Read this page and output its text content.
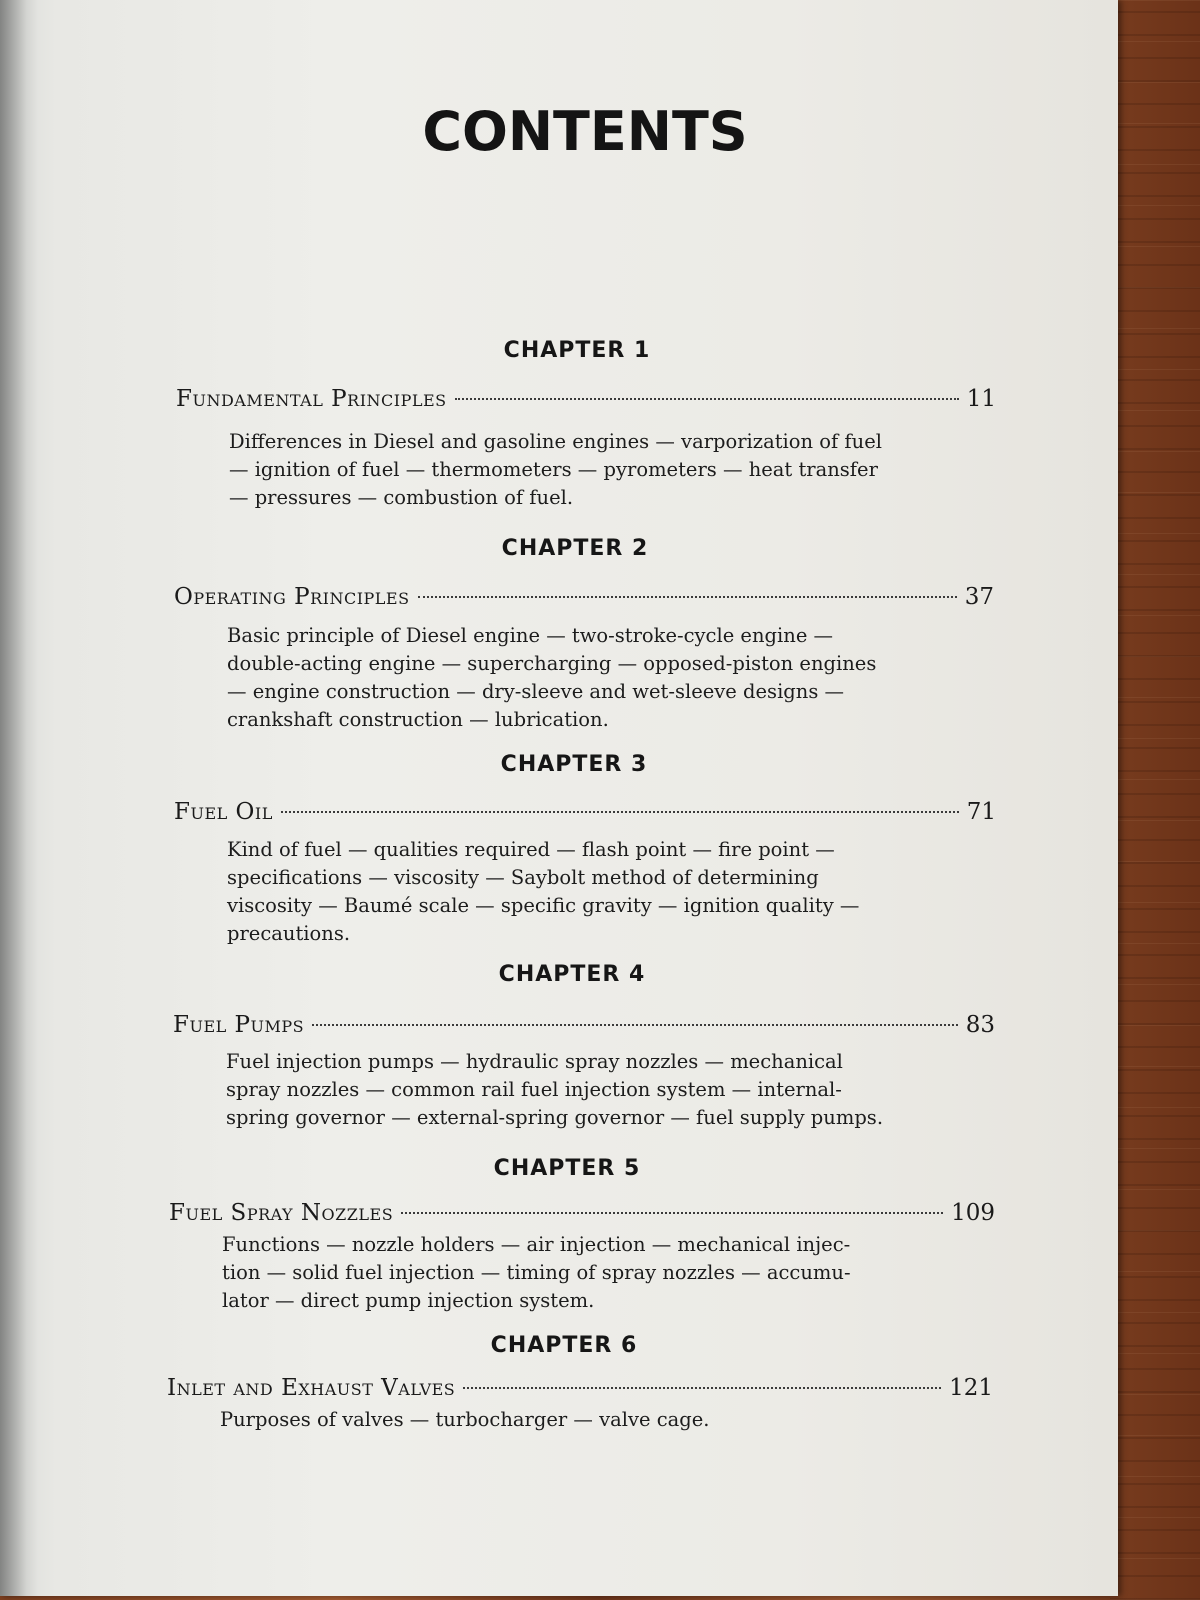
CONTENTS
CHAPTER 1
Fundamental Principles	11
Differences in Diesel and gasoline engines — varporization of fuel
— ignition of fuel — thermometers — pyrometers — heat transfer
— pressures — combustion of fuel.
CHAPTER 2
Operating Principles	37
Basic principle of Diesel engine — two-stroke-cycle engine —
double-acting engine — supercharging — opposed-piston engines
— engine construction — dry-sleeve and wet-sleeve designs —
crankshaft construction — lubrication.
CHAPTER 3
Fuel Oil	71
Kind of fuel — qualities required — flash point — fire point —
specifications — viscosity — Saybolt method of determining
viscosity — Baumé scale — specific gravity — ignition quality —
precautions.
CHAPTER 4
Fuel Pumps	83
Fuel injection pumps — hydraulic spray nozzles — mechanical
spray nozzles — common rail fuel injection system — internal-
spring governor — external-spring governor — fuel supply pumps.
CHAPTER 5
Fuel Spray Nozzles	109
Functions — nozzle holders — air injection — mechanical injec-
tion — solid fuel injection — timing of spray nozzles — accumu-
lator — direct pump injection system.
CHAPTER 6
Inlet and Exhaust Valves	121
Purposes of valves — turbocharger — valve cage.
